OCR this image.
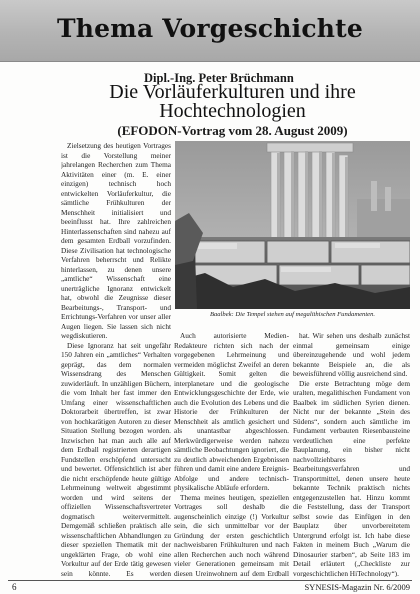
Thema Vorgeschichte
Dipl.-Ing. Peter Brüchmann
Die Vorläuferkulturen und ihre
Hochtechnologien
(EFODON-Vortrag vom 28. August 2009)

Zielsetzung des heutigen Vortrages ist die Vorstellung meiner jahrelangen Recherchen zum Thema Aktivitäten einer (m. E. einer einzigen) technisch hoch entwickelten Vorläuferkultur, die sämtliche Frühkulturen der Menschheit initialisiert und beeinflusst hat. Ihre zahlreichen Hinterlassenschaften sind nahezu auf dem gesamten Erdball vorzufinden. Diese Zivilisation hat technologische Verfahren beherrscht und Relikte hinterlassen, zu denen unsere „amtliche“ Wissenschaft eine unerträgliche Ignoranz entwickelt hat, obwohl die Zeugnisse dieser Bearbeitungs-, Transport- und Errichtungs-Verfahren vor unser aller Augen liegen. Sie lassen sich nicht wegdiskutieren.

Diese Ignoranz hat seit ungefähr 150 Jahren ein „amtliches“ Verhalten geprägt, das dem normalen Wissensdrang des Menschen zuwiderläuft. In unzähligen Büchern, die vom Inhalt her fast immer den Umfang einer wissenschaftlichen Doktorarbeit übertreffen, ist zwar von hochkarätigen Autoren zu dieser Situation Stellung bezogen worden. Inzwischen hat man auch alle auf dem Erdball registrierten derartigen Fundstellen erschöpfend untersucht und bewertet. Offensichtlich ist aber die nicht erschöpfende heute gültige Lehrmeinung weltweit abgestimmt worden und wird seitens der offiziellen Wissenschaftsvertreter dogmatisch weitervermittelt. Demgemäß schließen praktisch alle wissenschaftlichen Abhandlungen zu dieser speziellen Thematik mit der ungeklärten Frage, ob wohl eine Vorkultur auf der Erde tätig gewesen sein könnte. Es werden

Baalbek: Die Tempel stehen auf megalithischen Fundamenten.

Auch autorisierte Medien-Redakteure richten sich nach der vorgegebenen Lehrmeinung und vermeiden möglichst Zweifel an deren Gültigkeit. Somit gelten die interplanetare und die geologische Entwicklungsgeschichte der Erde, wie auch die Evolution des Lebens und die Historie der Frühkulturen der Menschheit als amtlich gesichert und als unantastbar abgeschlossen. Merkwürdigerweise werden nahezu sämtliche Beobachtungen ignoriert, die zu deutlich abweichenden Ergebnissen führen und damit eine andere Ereignis-Abfolge und andere technisch-physikalische Abläufe erfordern.

Thema meines heutigen, speziellen Vortrages soll deshalb die augenscheinlich einzige (!) Vorkultur sein, die sich unmittelbar vor der Gründung der ersten geschichtlich nachweisbaren Frühkulturen und nach allen Recherchen auch noch während vieler Generationen gemeinsam mit diesen Ureinwohnern auf dem Erdball

hat. Wir sehen uns deshalb zunächst einmal gemeinsam einige übereinzugehende und wohl jedem bekannte Beispiele an, die als beweisführend völlig ausreichend sind.

Die erste Betrachtung möge dem uralten, megalithischen Fundament von Baalbek im südlichen Syrien dienen. Nicht nur der bekannte „Stein des Südens“, sondern auch sämtliche im Fundament verbauten Riesenbausteine verdeutlichen eine perfekte Bauplanung, ein bisher nicht nachvollziehbares Bearbeitungsverfahren und Transportmittel, denen unsere heute bekannte Technik praktisch nichts entgegenzustellen hat. Hinzu kommt die Feststellung, dass der Transport selbst sowie das Einfügen in den Bauplatz über unvorbereitetem Untergrund erfolgt ist. Ich habe diese Fakten in meinem Buch „Warum die Dinosaurier starben“, ab Seite 183 im Detail erläutert („Checkliste zur vorgeschichtlichen HiTechnology“).

6	SYNESIS-Magazin Nr. 6/2009
